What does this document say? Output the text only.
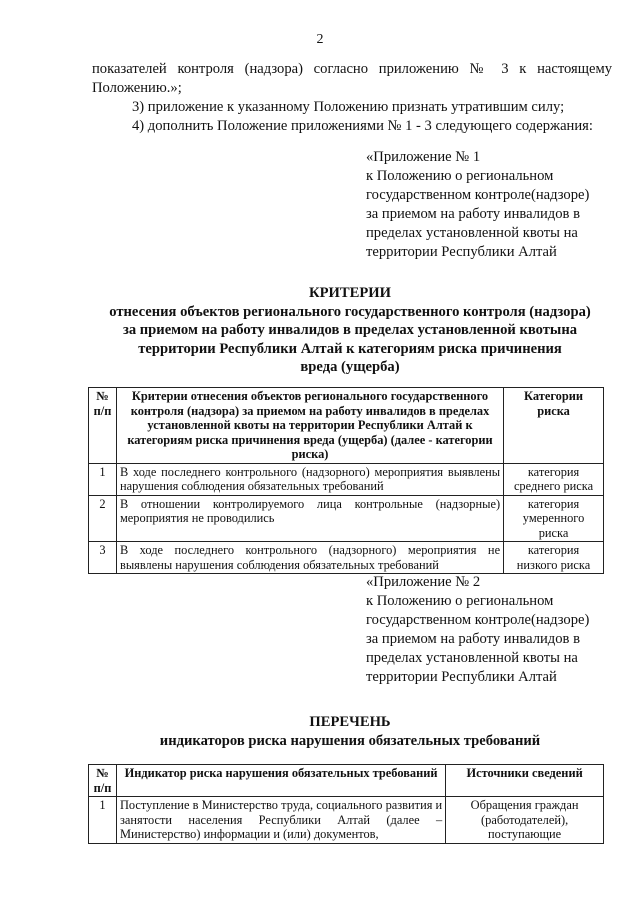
2
показателей контроля (надзора) согласно приложению № 3 к настоящему
Положению.»;
3) приложение к указанному Положению признать утратившим силу;
4) дополнить Положение приложениями № 1 - 3 следующего содержания:
«Приложение № 1
к Положению о региональном
государственном контроле(надзоре)
за приемом на работу инвалидов в
пределах установленной квоты на
территории Республики Алтай
КРИТЕРИИ
отнесения объектов регионального государственного контроля (надзора)
за приемом на работу инвалидов в пределах установленной квотына
территории Республики Алтай к категориям риска причинения
вреда (ущерба)
№ п/п	Критерии отнесения объектов регионального государственного контроля (надзора) за приемом на работу инвалидов в пределах установленной квоты на территории Республики Алтай к категориям риска причинения вреда (ущерба) (далее - категории риска)	Категории риска
1	В ходе последнего контрольного (надзорного) мероприятия выявлены нарушения соблюдения обязательных требований	категория среднего риска
2	В отношении контролируемого лица контрольные (надзорные) мероприятия не проводились	категория умеренного риска
3	В ходе последнего контрольного (надзорного) мероприятия не выявлены нарушения соблюдения обязательных требований	категория низкого риска
«Приложение № 2
к Положению о региональном
государственном контроле(надзоре)
за приемом на работу инвалидов в
пределах установленной квоты на
территории Республики Алтай
ПЕРЕЧЕНЬ
индикаторов риска нарушения обязательных требований
№ п/п	Индикатор риска нарушения обязательных требований	Источники сведений
1	Поступление в Министерство труда, социального развития и занятости населения Республики Алтай (далее – Министерство) информации и (или) документов,	Обращения граждан (работодателей), поступающие
